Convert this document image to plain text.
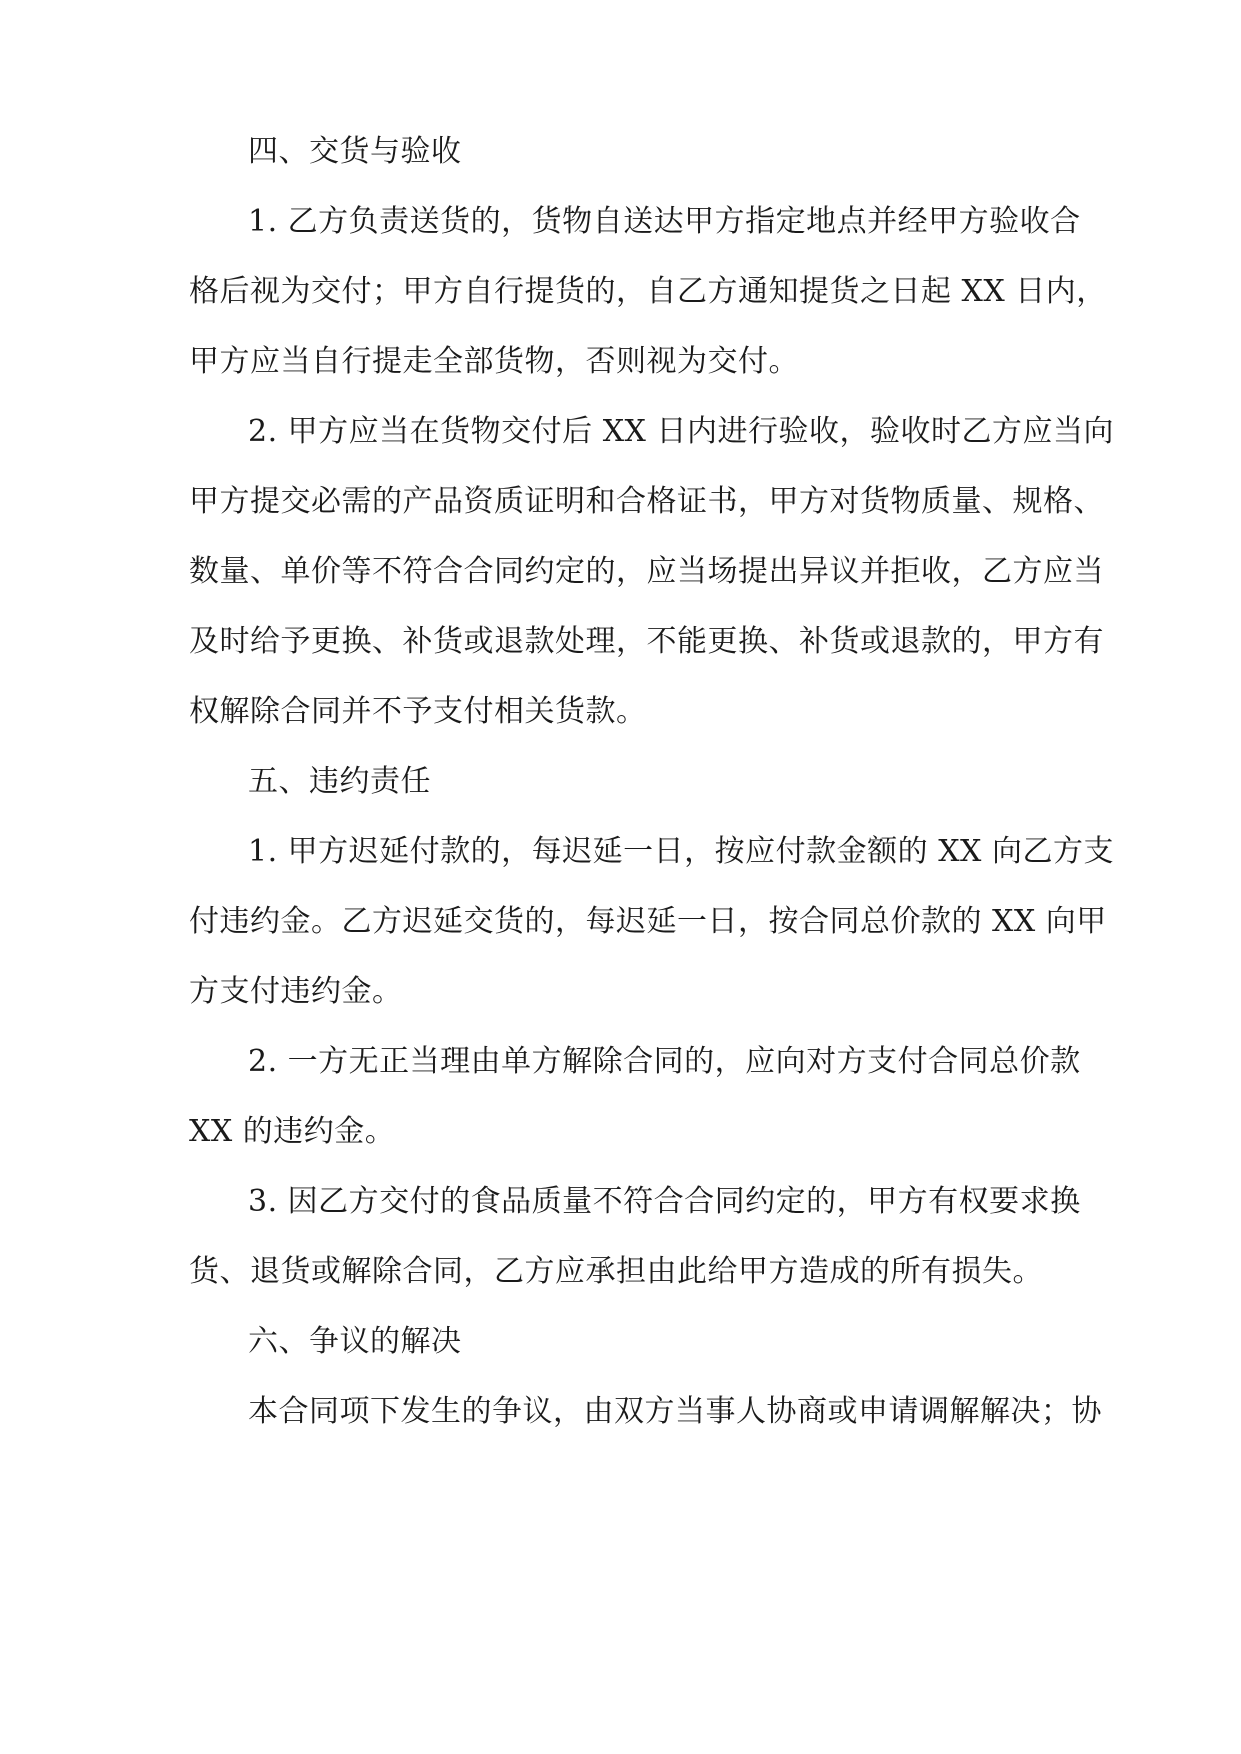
四、交货与验收
1. 乙方负责送货的，货物自送达甲方指定地点并经甲方验收合
格后视为交付；甲方自行提货的，自乙方通知提货之日起 XX 日内，
甲方应当自行提走全部货物，否则视为交付。
2. 甲方应当在货物交付后 XX 日内进行验收，验收时乙方应当向
甲方提交必需的产品资质证明和合格证书，甲方对货物质量、规格、
数量、单价等不符合合同约定的，应当场提出异议并拒收，乙方应当
及时给予更换、补货或退款处理，不能更换、补货或退款的，甲方有
权解除合同并不予支付相关货款。
五、违约责任
1. 甲方迟延付款的，每迟延一日，按应付款金额的 XX 向乙方支
付违约金。乙方迟延交货的，每迟延一日，按合同总价款的 XX 向甲
方支付违约金。
2. 一方无正当理由单方解除合同的，应向对方支付合同总价款
XX 的违约金。
3. 因乙方交付的食品质量不符合合同约定的，甲方有权要求换
货、退货或解除合同，乙方应承担由此给甲方造成的所有损失。
六、争议的解决
本合同项下发生的争议，由双方当事人协商或申请调解解决；协
